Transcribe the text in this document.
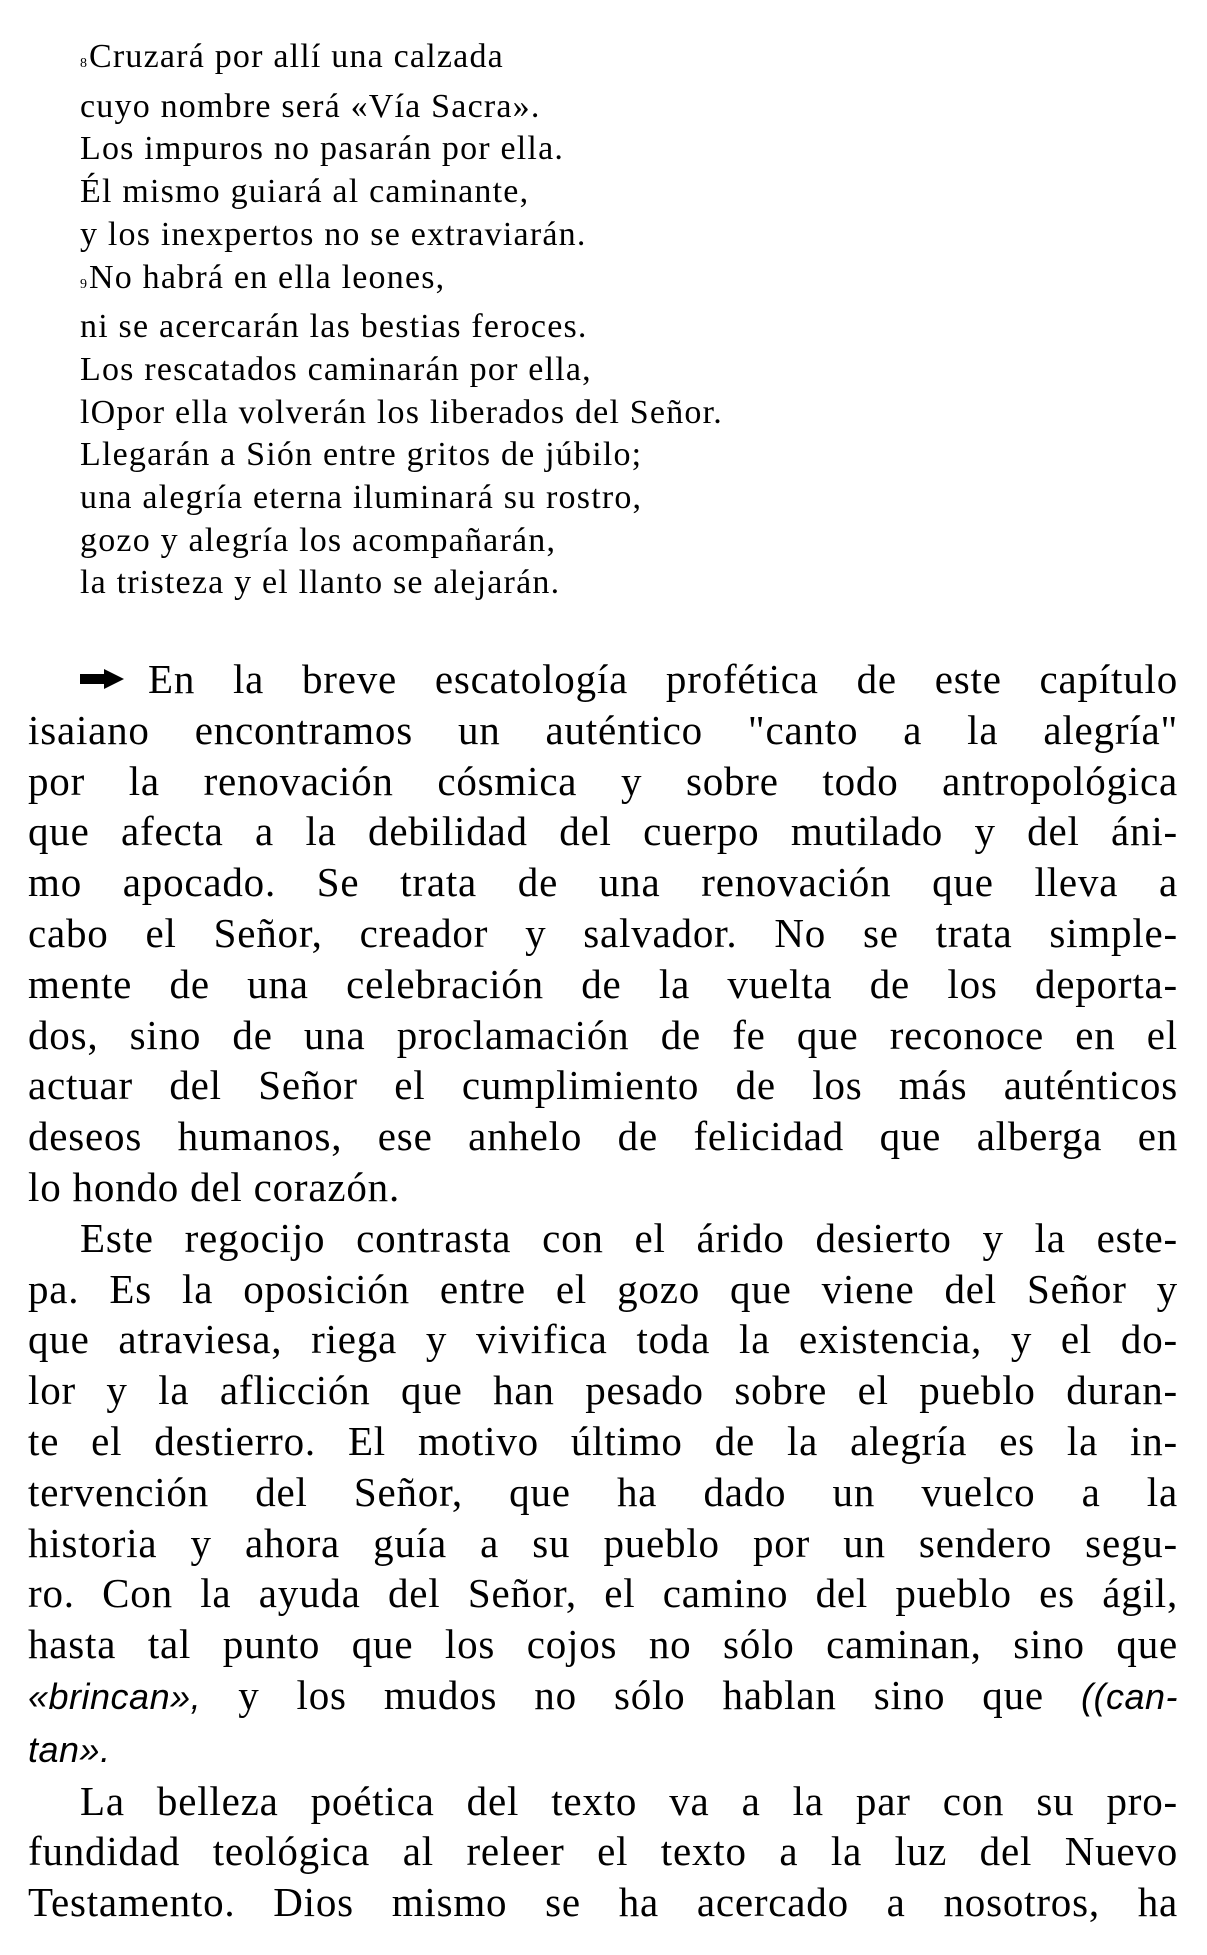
8Cruzará por allí una calzada
cuyo nombre será «Vía Sacra».
Los impuros no pasarán por ella.
Él mismo guiará al caminante,
y los inexpertos no se extraviarán.
9No habrá en ella leones,
ni se acercarán las bestias feroces.
Los rescatados caminarán por ella,
lOpor ella volverán los liberados del Señor.
Llegarán a Sión entre gritos de júbilo;
una alegría eterna iluminará su rostro,
gozo y alegría los acompañarán,
la tristeza y el llanto se alejarán.
En la breve escatología profética de este capítulo
isaiano encontramos un auténtico "canto a la alegría"
por la renovación cósmica y sobre todo antropológica
que afecta a la debilidad del cuerpo mutilado y del áni-
mo apocado. Se trata de una renovación que lleva a
cabo el Señor, creador y salvador. No se trata simple-
mente de una celebración de la vuelta de los deporta-
dos, sino de una proclamación de fe que reconoce en el
actuar del Señor el cumplimiento de los más auténticos
deseos humanos, ese anhelo de felicidad que alberga en
lo hondo del corazón.
Este regocijo contrasta con el árido desierto y la este-
pa. Es la oposición entre el gozo que viene del Señor y
que atraviesa, riega y vivifica toda la existencia, y el do-
lor y la aflicción que han pesado sobre el pueblo duran-
te el destierro. El motivo último de la alegría es la in-
tervención del Señor, que ha dado un vuelco a la
historia y ahora guía a su pueblo por un sendero segu-
ro. Con la ayuda del Señor, el camino del pueblo es ágil,
hasta tal punto que los cojos no sólo caminan, sino que
«brincan», y los mudos no sólo hablan sino que ((can-
tan».
La belleza poética del texto va a la par con su pro-
fundidad teológica al releer el texto a la luz del Nuevo
Testamento. Dios mismo se ha acercado a nosotros, ha
